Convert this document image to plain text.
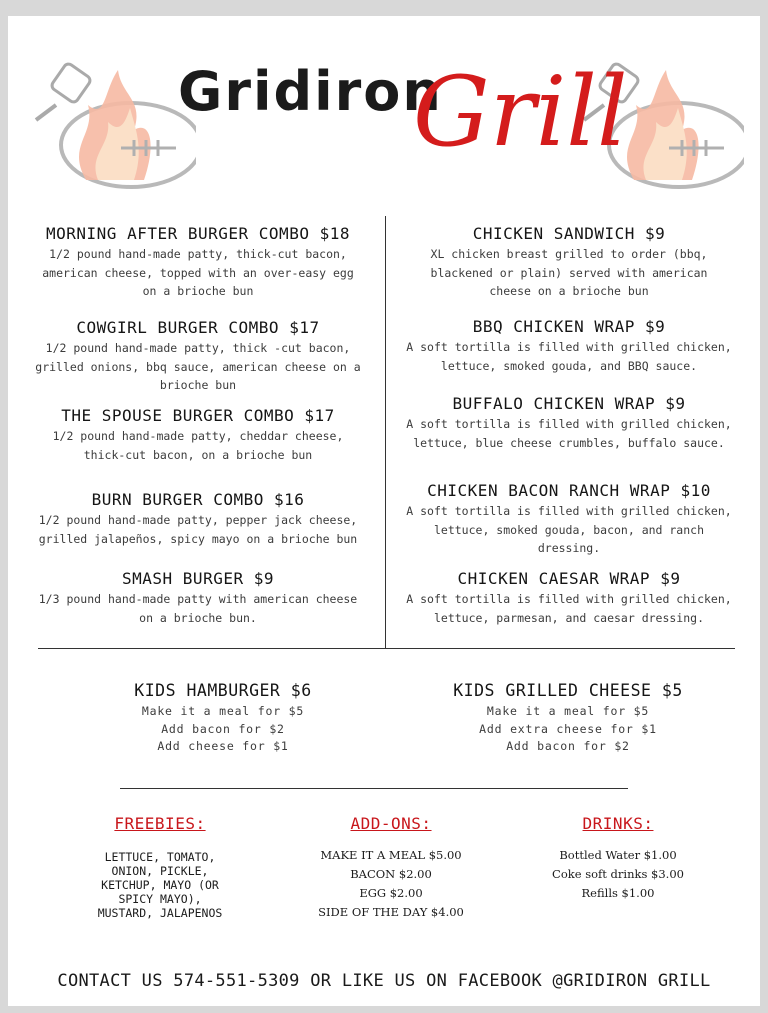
Gridiron
Grill
MORNING AFTER BURGER COMBO $18
1/2 pound hand-made patty, thick-cut bacon,
american cheese, topped with an over-easy egg
on a brioche bun
COWGIRL BURGER COMBO $17
1/2 pound hand-made patty, thick -cut bacon,
grilled onions, bbq sauce, american cheese on a
brioche bun
THE SPOUSE BURGER COMBO $17
1/2 pound hand-made patty, cheddar cheese,
thick-cut bacon, on a brioche bun
BURN BURGER COMBO $16
1/2 pound hand-made patty, pepper jack cheese,
grilled jalapeños, spicy mayo on a brioche bun
SMASH BURGER $9
1/3 pound hand-made patty with american cheese
on a brioche bun.
CHICKEN SANDWICH $9
XL chicken breast grilled to order (bbq,
blackened or plain) served with american
cheese on a brioche bun
BBQ CHICKEN WRAP $9
A soft tortilla is filled with grilled chicken,
lettuce, smoked gouda, and BBQ sauce.
BUFFALO CHICKEN WRAP $9
A soft tortilla is filled with grilled chicken,
lettuce, blue cheese crumbles, buffalo sauce.
CHICKEN BACON RANCH WRAP $10
A soft tortilla is filled with grilled chicken,
lettuce, smoked gouda, bacon, and ranch
dressing.
CHICKEN CAESAR WRAP $9
A soft tortilla is filled with grilled chicken,
lettuce, parmesan, and caesar dressing.
KIDS HAMBURGER $6
Make it a meal for $5
Add bacon for $2
Add cheese for $1
KIDS GRILLED CHEESE $5
Make it a meal for $5
Add extra cheese for $1
Add bacon for $2
FREEBIES:
LETTUCE, TOMATO,
ONION, PICKLE,
KETCHUP, MAYO (OR
SPICY MAYO),
MUSTARD, JALAPENOS
ADD-ONS:
MAKE IT A MEAL $5.00
BACON $2.00
EGG $2.00
SIDE OF THE DAY $4.00
DRINKS:
Bottled Water $1.00
Coke soft drinks $3.00
Refills $1.00
CONTACT US 574-551-5309 OR LIKE US ON FACEBOOK @GRIDIRON GRILL
